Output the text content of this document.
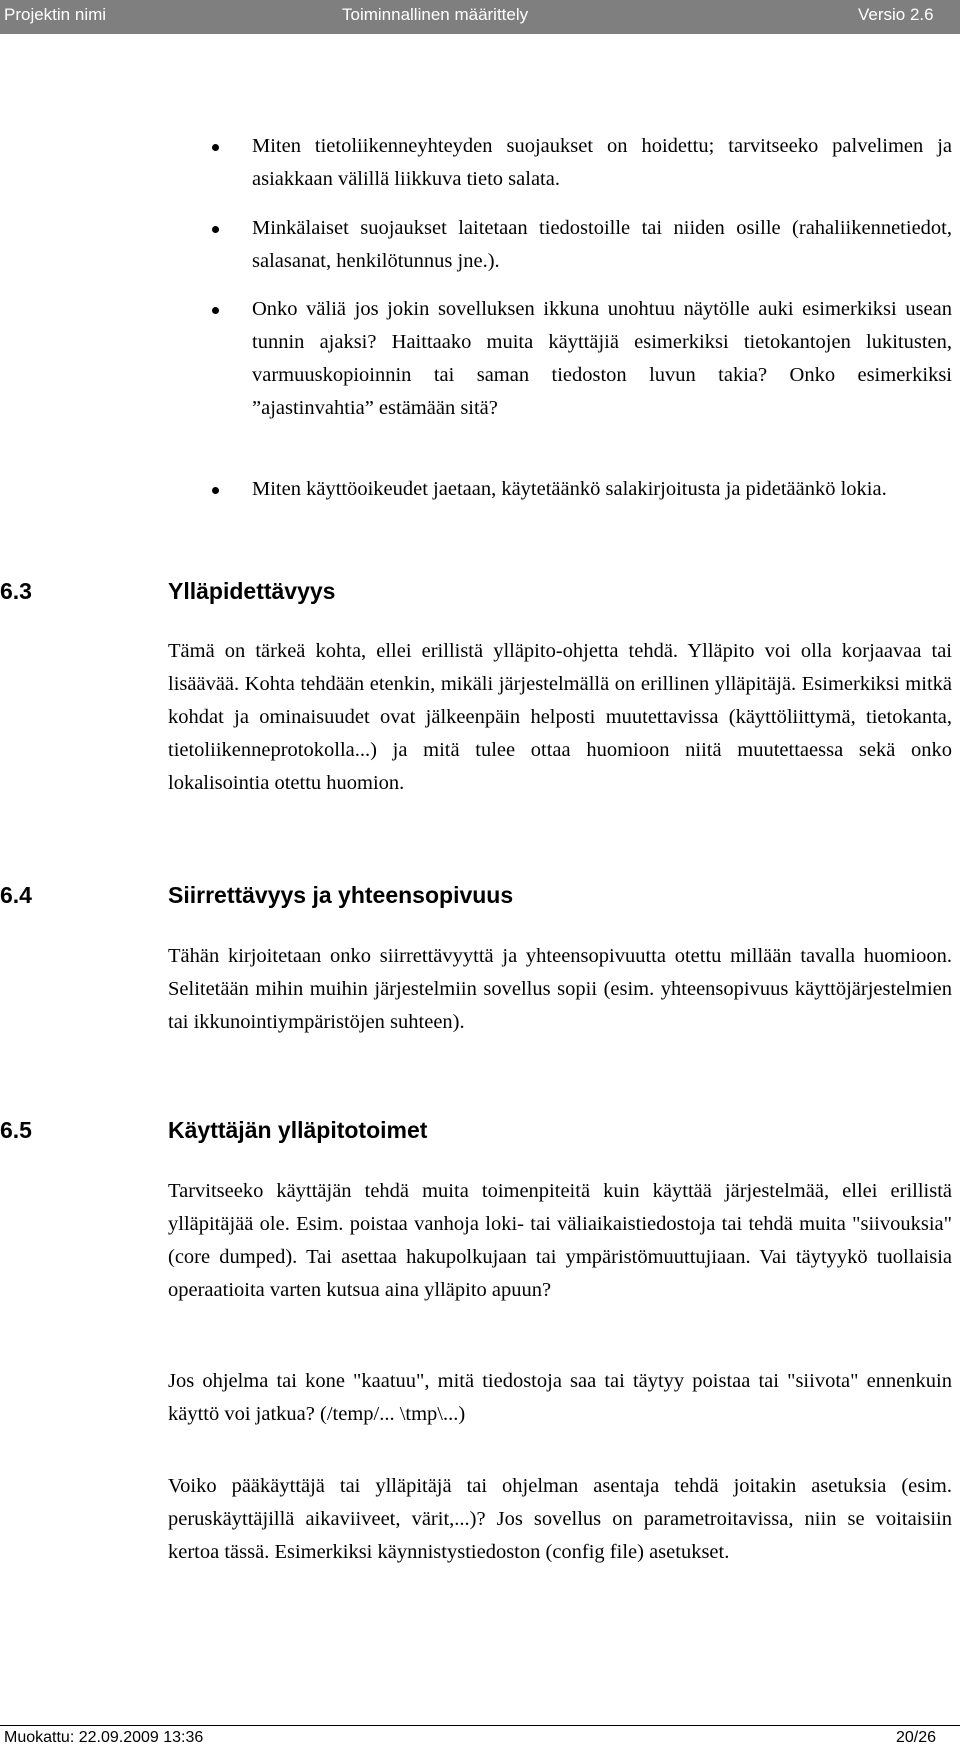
Projektin nimi	Toiminnallinen määrittely	Versio 2.6
Miten tietoliikenneyhteyden suojaukset on hoidettu; tarvitseeko palvelimen ja asiakkaan välillä liikkuva tieto salata.
Minkälaiset suojaukset laitetaan tiedostoille tai niiden osille (rahaliikennetiedot, salasanat, henkilötunnus jne.).
Onko väliä jos jokin sovelluksen ikkuna unohtuu näytölle auki esimerkiksi usean tunnin ajaksi? Haittaako muita käyttäjiä esimerkiksi tietokantojen lukitusten, varmuuskopioinnin tai saman tiedoston luvun takia? Onko esimerkiksi ”ajastinvahtia” estämään sitä?
Miten käyttöoikeudet jaetaan, käytetäänkö salakirjoitusta ja pidetäänkö lokia.
6.3	Ylläpidettävyys
Tämä on tärkeä kohta, ellei erillistä ylläpito-ohjetta tehdä. Ylläpito voi olla korjaavaa tai lisäävää. Kohta tehdään etenkin, mikäli järjestelmällä on erillinen ylläpitäjä. Esimerkiksi mitkä kohdat ja ominaisuudet ovat jälkeenpäin helposti muutettavissa (käyttöliittymä, tietokanta, tietoliikenneprotokolla...) ja mitä tulee ottaa huomioon niitä muutettaessa sekä onko lokalisointia otettu huomion.
6.4	Siirrettävyys ja yhteensopivuus
Tähän kirjoitetaan onko siirrettävyyttä ja yhteensopivuutta otettu millään tavalla huomioon. Selitetään mihin muihin järjestelmiin sovellus sopii (esim. yhteensopivuus käyttöjärjestelmien tai ikkunointiympäristöjen suhteen).
6.5	Käyttäjän ylläpitotoimet
Tarvitseeko käyttäjän tehdä muita toimenpiteitä kuin käyttää järjestelmää, ellei erillistä ylläpitäjää ole. Esim. poistaa vanhoja loki- tai väliaikaistiedostoja tai tehdä muita "siivouksia" (core dumped). Tai asettaa hakupolkujaan tai ympäristömuuttujiaan. Vai täytyykö tuollaisia operaatioita varten kutsua aina ylläpito apuun?
Jos ohjelma tai kone "kaatuu", mitä tiedostoja saa tai täytyy poistaa tai "siivota" ennenkuin käyttö voi jatkua? (/temp/... \tmp\...)
Voiko pääkäyttäjä tai ylläpitäjä tai ohjelman asentaja tehdä joitakin asetuksia (esim. peruskäyttäjillä aikaviiveet, värit,...)? Jos sovellus on parametroitavissa, niin se voitaisiin kertoa tässä. Esimerkiksi käynnistystiedoston (config file) asetukset.
Muokattu: 22.09.2009 13:36	20/26
